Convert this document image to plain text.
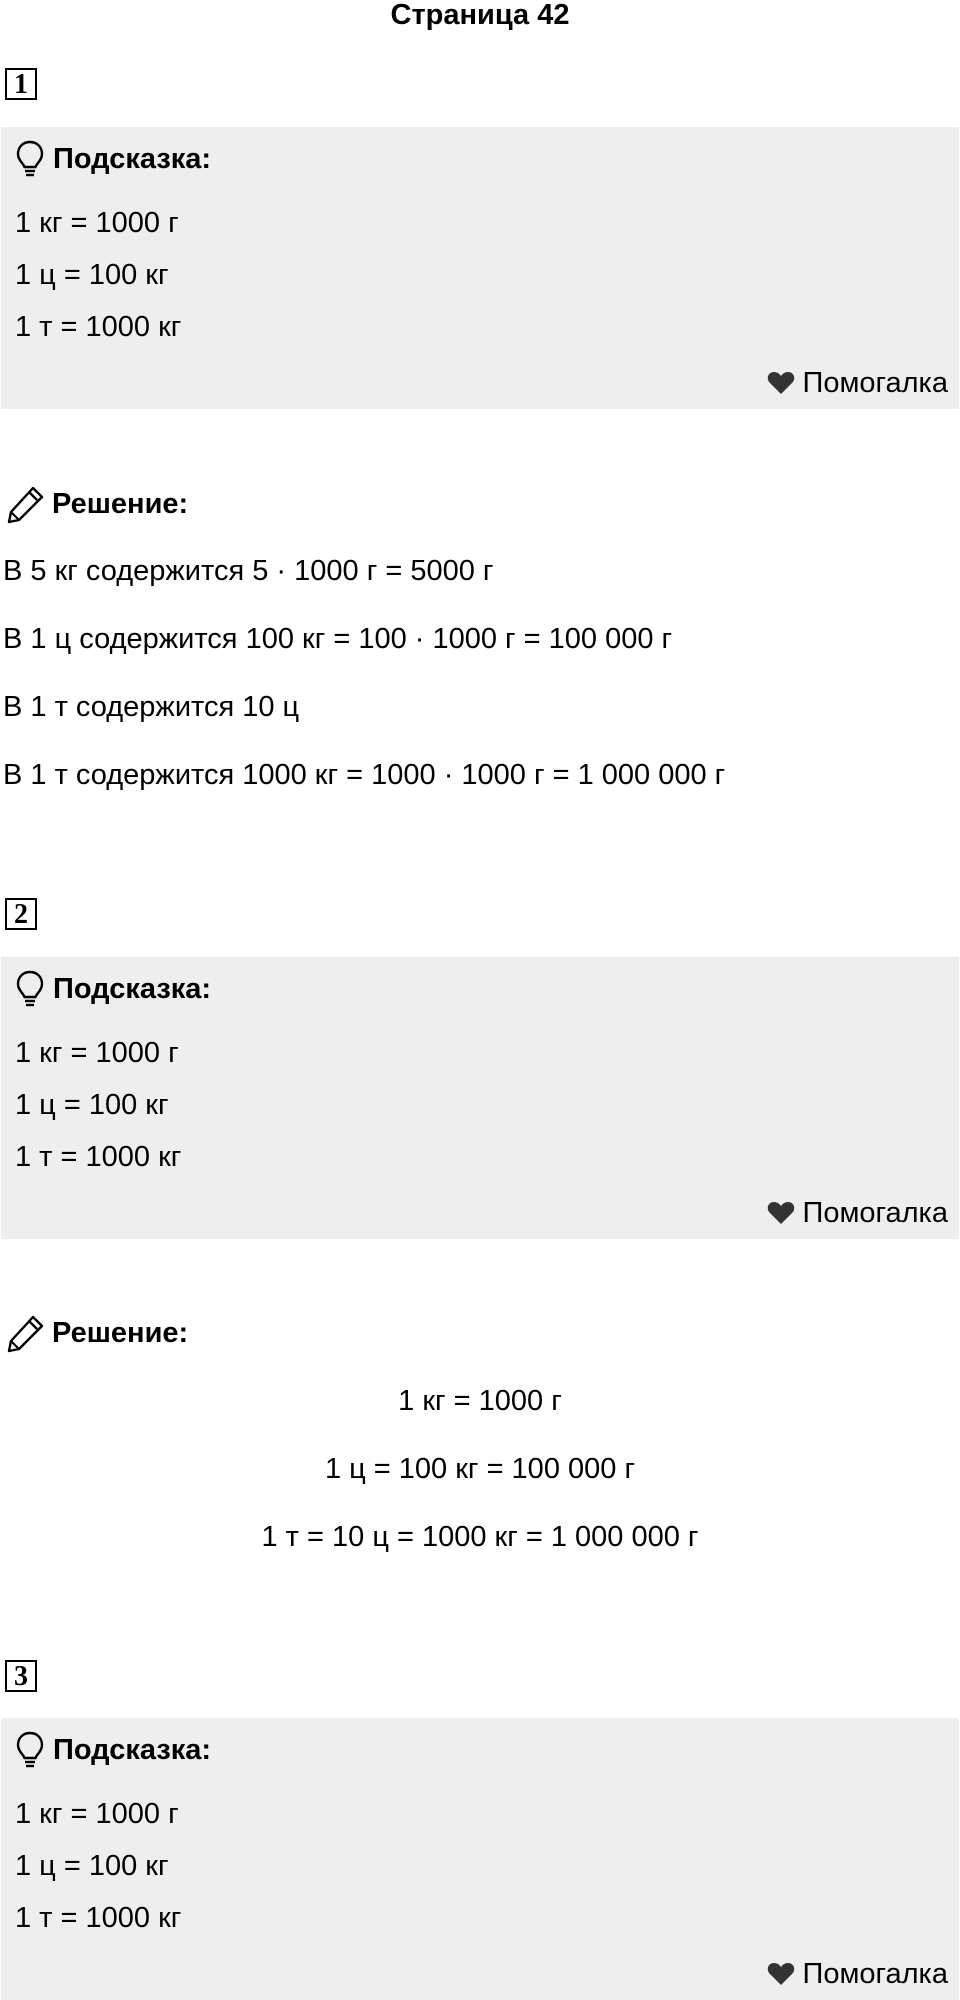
Страница 42
1
Подсказка:
1 кг = 1000 г
1 ц = 100 кг
1 т = 1000 кг
Помогалка
Решение:
В 5 кг содержится 5 · 1000 г = 5000 г
В 1 ц содержится 100 кг = 100 · 1000 г = 100 000 г
В 1 т содержится 10 ц
В 1 т содержится 1000 кг = 1000 · 1000 г = 1 000 000 г
2
Подсказка:
1 кг = 1000 г
1 ц = 100 кг
1 т = 1000 кг
Помогалка
Решение:
1 кг = 1000 г
1 ц = 100 кг = 100 000 г
1 т = 10 ц = 1000 кг = 1 000 000 г
3
Подсказка:
1 кг = 1000 г
1 ц = 100 кг
1 т = 1000 кг
Помогалка
